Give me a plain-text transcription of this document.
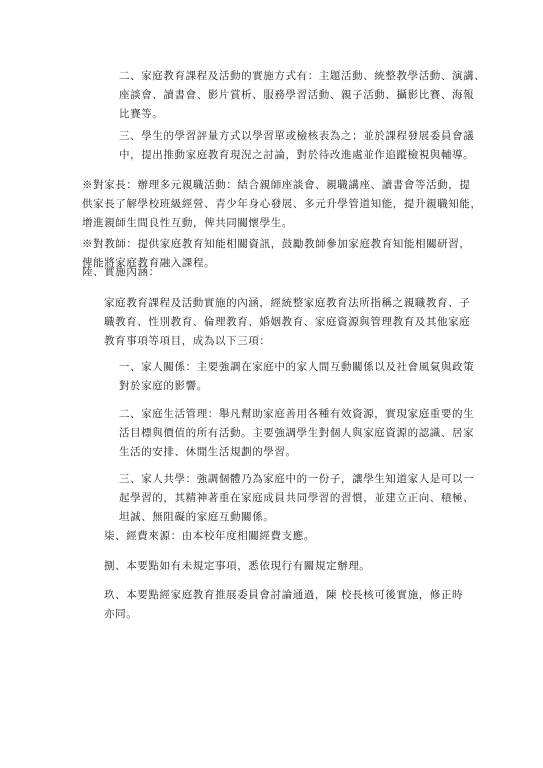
二、家庭教育課程及活動的實施方式有：主題活動、統整教學活動、演講、
座談會、讀書會、影片賞析、服務學習活動、親子活動、攝影比賽、海報
比賽等。
三、學生的學習評量方式以學習單或檢核表為之；並於課程發展委員會議
中，提出推動家庭教育現況之討論，對於待改進處並作追蹤檢視與輔導。
※對家長：辦理多元親職活動：結合親師座談會、親職講座、讀書會等活動，提
供家長了解學校班級經營、青少年身心發展、多元升學管道知能，提升親職知能，
增進親師生間良性互動，俾共同關懷學生。
※對教師：提供家庭教育知能相關資訊，鼓勵教師參加家庭教育知能相關研習，
俾能將家庭教育融入課程。
陸、實施內涵：
家庭教育課程及活動實施的內涵，經統整家庭教育法所指稱之親職教育、子
職教育、性別教育、倫理教育、婚姻教育、家庭資源與管理教育及其他家庭
教育事項等項目，成為以下三項：
一、家人關係：主要強調在家庭中的家人間互動關係以及社會風氣與政策
對於家庭的影響。
二、家庭生活管理：舉凡幫助家庭善用各種有效資源，實現家庭重要的生
活目標與價值的所有活動。主要強調學生對個人與家庭資源的認識、居家
生活的安排、休閒生活規劃的學習。
三、家人共學：強調個體乃為家庭中的一份子，讓學生知道家人是可以一
起學習的，其精神著重在家庭成員共同學習的習慣，並建立正向、積極、
坦誠、無阻礙的家庭互動關係。
柒、經費來源：由本校年度相關經費支應。
捌、本要點如有未規定事項，悉依現行有關規定辦理。
玖、本要點經家庭教育推展委員會討論通過，陳 校長核可後實施，修正時
亦同。
